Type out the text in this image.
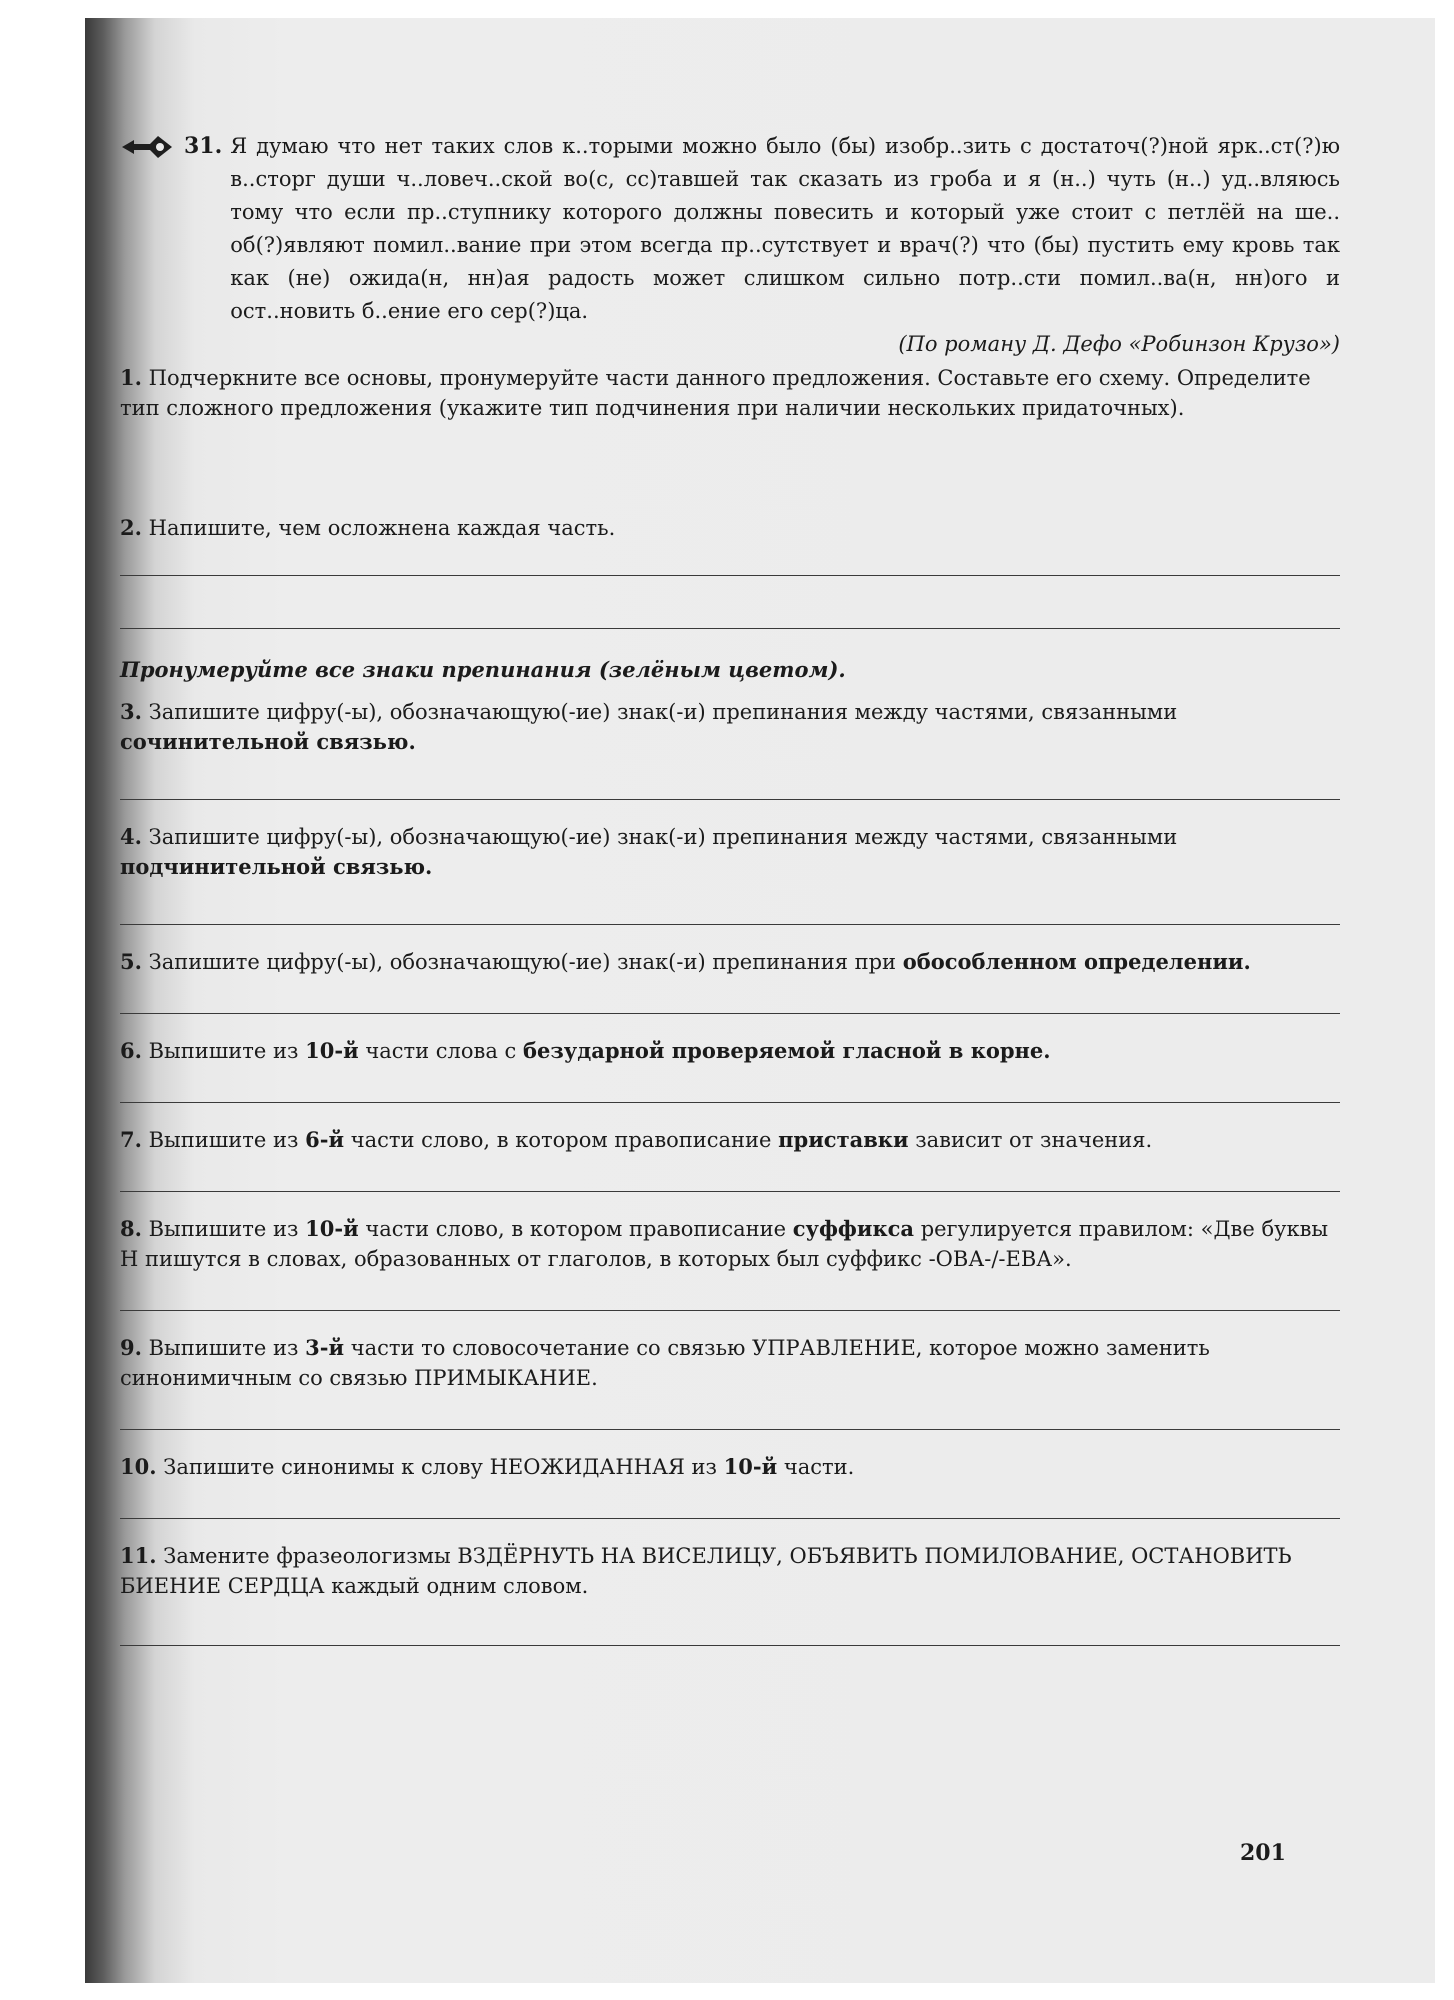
31. Я думаю что нет таких слов к..торыми можно было (бы) изобр..зить с достаточ(?)ной ярк..ст(?)ю в..сторг души ч..ловеч..ской во(с, сс)тавшей так сказать из гроба и я (н..) чуть (н..) уд..вляюсь тому что если пр..ступнику которого должны повесить и который уже стоит с петлёй на ше.. об(?)являют помил..вание при этом всегда пр..сутствует и врач(?) что (бы) пустить ему кровь так как (не) ожида(н, нн)ая радость может слишком сильно потр..сти помил..ва(н, нн)ого и ост..новить б..ение его сер(?)ца.
(По роману Д. Дефо «Робинзон Крузо»)
1. Подчеркните все основы, пронумеруйте части данного предложения. Составьте его схему. Определите тип сложного предложения (укажите тип подчинения при наличии нескольких придаточных).
2. Напишите, чем осложнена каждая часть.
Пронумеруйте все знаки препинания (зелёным цветом).
3. Запишите цифру(-ы), обозначающую(-ие) знак(-и) препинания между частями, связанными сочинительной связью.
4. Запишите цифру(-ы), обозначающую(-ие) знак(-и) препинания между частями, связанными подчинительной связью.
5. Запишите цифру(-ы), обозначающую(-ие) знак(-и) препинания при обособленном определении.
6. Выпишите из 10-й части слова с безударной проверяемой гласной в корне.
7. Выпишите из 6-й части слово, в котором правописание приставки зависит от значения.
8. Выпишите из 10-й части слово, в котором правописание суффикса регулируется правилом: «Две буквы Н пишутся в словах, образованных от глаголов, в которых был суффикс -ОВА-/-ЕВА».
9. Выпишите из 3-й части то словосочетание со связью УПРАВЛЕНИЕ, которое можно заменить синонимичным со связью ПРИМЫКАНИЕ.
10. Запишите синонимы к слову НЕОЖИДАННАЯ из 10-й части.
11. Замените фразеологизмы ВЗДЁРНУТЬ НА ВИСЕЛИЦУ, ОБЪЯВИТЬ ПОМИЛОВАНИЕ, ОСТАНОВИТЬ БИЕНИЕ СЕРДЦА каждый одним словом.
201
